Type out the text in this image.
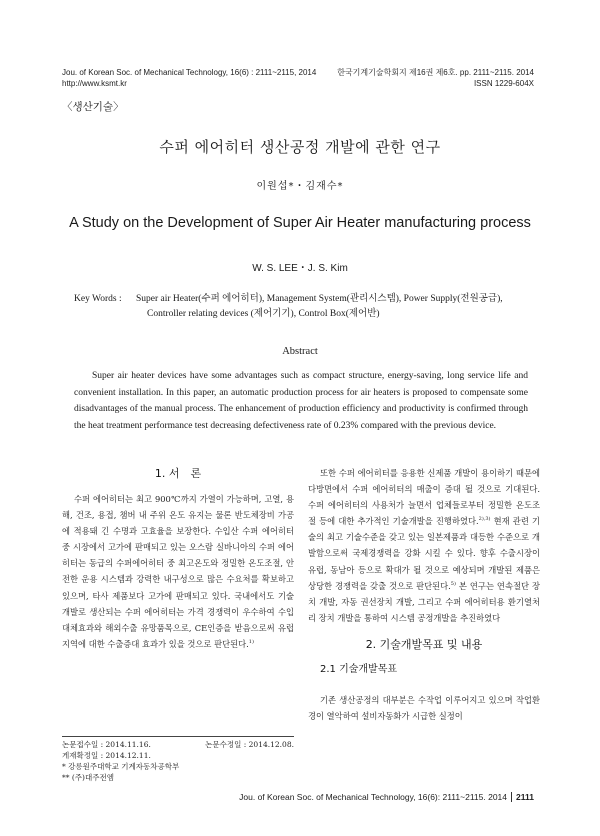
Jou. of Korean Soc. of Mechanical Technology, 16(6) : 2111~2115, 2014
http://www.ksmt.kr
한국기계기술학회지 제16권 제6호. pp. 2111~2115. 2014
ISSN 1229-604X
〈생산기술〉
수퍼 에어히터 생산공정 개발에 관한 연구
이원섭*・김재수*
A Study on the Development of Super Air Heater manufacturing process
W. S. LEE・J. S. Kim
Key Words : Super air Heater(수퍼 에어히터), Management System(관리시스템), Power Supply(전원공급),
Controller relating devices (제어기기), Control Box(제어반)
Abstract

Super air heater devices have some advantages such as compact structure, energy-saving, long service life and convenient installation. In this paper, an automatic production process for air heaters is proposed to compensate some disadvantages of the manual process. The enhancement of production efficiency and productivity is confirmed through the heat treatment performance test decreasing defectiveness rate of 0.23% compared with the previous device.

1. 서　론

수퍼 에어히터는 최고 900℃까지 가열이 가능하며, 고열, 용해, 건조, 용접, 챔버 내 주위 온도 유지는 물론 반도체장비 가공에 적용돼 긴 수명과 고효율을 보장한다. 수입산 수퍼 에어히터 중 시장에서 고가에 판매되고 있는 오스람 실바니아의 수퍼 에어히터는 동급의 수퍼에어히터 중 최고온도와 정밀한 온도조절, 안전한 운용 시스템과 강력한 내구성으로 많은 수요처를 확보하고 있으며, 타사 제품보다 고가에 판매되고 있다. 국내에서도 기술개발로 생산되는 수퍼 에어히터는 가격 경쟁력이 우수하여 수입대체효과와 해외수출 유망품목으로, CE인증을 받음으로써 유럽지역에 대한 수출증대 효과가 있을 것으로 판단된다.$^{1)}$

논문접수일 : 2014.11.16.	논문수정일 : 2014.12.08.
게재확정일 : 2014.12.11.
* 강릉원주대학교 기계자동차공학부
** (주)대주전엠

또한 수퍼 에어히터를 응용한 신제품 개발이 용이하기 때문에 다방면에서 수퍼 에어히터의 매출이 증대 될 것으로 기대된다. 수퍼 에어히터의 사용처가 늘면서 업체들로부터 정밀한 온도조절 등에 대한 추가적인 기술개발을 진행하였다.$^{2),3)}$ 현재 관련 기술의 최고 기술수준을 갖고 있는 일본제품과 대등한 수준으로 개발함으로써 국제경쟁력을 강화 시킬 수 있다. 향후 수출시장이 유럽, 동남아 등으로 확대가 될 것으로 예상되며 개발된 제품은 상당한 경쟁력을 갖출 것으로 판단된다.$^{5)}$ 본 연구는 연속절단 장치 개발, 자동 권선장치 개발, 그리고 수퍼 에어히터용 환기열처리 장치 개발을 통하여 시스템 공정개발을 추진하였다

2. 기술개발목표 및 내용
2.1 기술개발목표

기존 생산공정의 대부분은 수작업 이루어지고 있으며 작업환경이 열악하여 설비자동화가 시급한 실정이

Jou. of Korean Soc. of Mechanical Technology, 16(6): 2111~2115. 2014 2111
